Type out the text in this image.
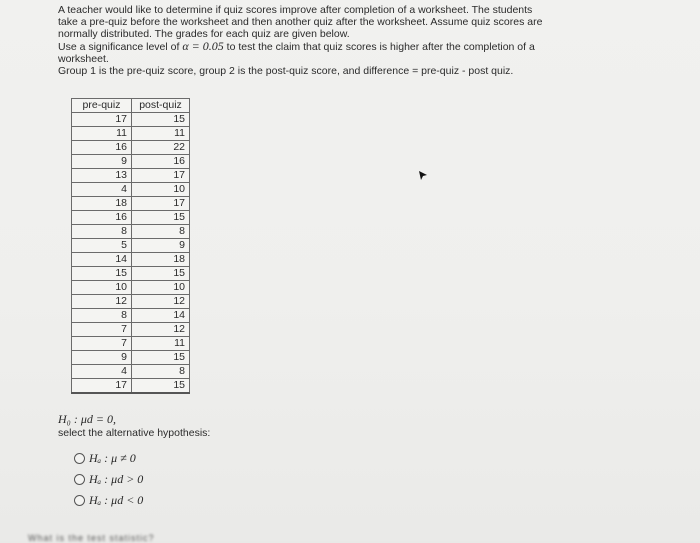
A teacher would like to determine if quiz scores improve after completion of a worksheet. The students

take a pre-quiz before the worksheet and then another quiz after the worksheet. Assume quiz scores are

normally distributed. The grades for each quiz are given below.

Use a significance level of α = 0.05 to test the claim that quiz scores is higher after the completion of a

worksheet.

Group 1 is the pre-quiz score, group 2 is the post-quiz score, and difference = pre-quiz - post quiz.

pre-quiz	post-quiz
17	15
11	11
16	22
9	16
13	17
4	10
18	17
16	15
8	8
5	9
14	18
15	15
10	10
12	12
8	14
7	12
7	11
9	15
4	8
17	15
H₀ : μd = 0,
select the alternative hypothesis:
Hₐ : μ ≠ 0
Hₐ : μd > 0
Hₐ : μd < 0
What is the test statistic?
